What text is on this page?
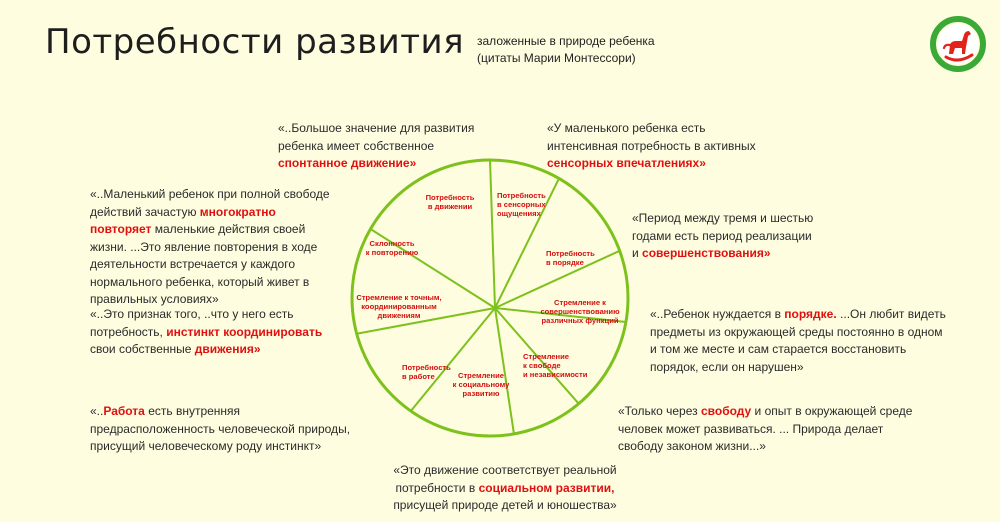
Потребности развития заложенные в природе ребенка
(цитаты Марии Монтессори)
Потребность в движении
Потребность в сенсорных ощущениях
Потребность в порядке
Стремление к совершенствованию различных функций
Стремление к свободе и независимости
Стремление к социальному развитию
Потребность в работе
Стремление к точным, координированным движениям
Склонность к повторению
«..Большое значение для развития ребенка имеет собственное спонтанное движение»
«У маленького ребенка есть интенсивная потребность в активных сенсорных впечатлениях»
«..Маленький ребенок при полной свободе действий зачастую многократно повторяет маленькие действия своей жизни. ...Это явление повторения в ходе деятельности встречается у каждого нормального ребенка, который живет в правильных условиях»
«Период между тремя и шестью годами есть период реализации и совершенствования»
«..Это признак того, ..что у него есть потребность, инстинкт координировать свои собственные движения»
«..Ребенок нуждается в порядке. ...Он любит видеть предметы из окружающей среды постоянно в одном и том же месте и сам старается восстановить порядок, если он нарушен»
«..Работа есть внутренняя предрасположенность человеческой природы, присущий человеческому роду инстинкт»
«Только через свободу и опыт в окружающей среде человек может развиваться. ... Природа делает свободу законом жизни...»
«Это движение соответствует реальной потребности в социальном развитии, присущей природе детей и юношества»
